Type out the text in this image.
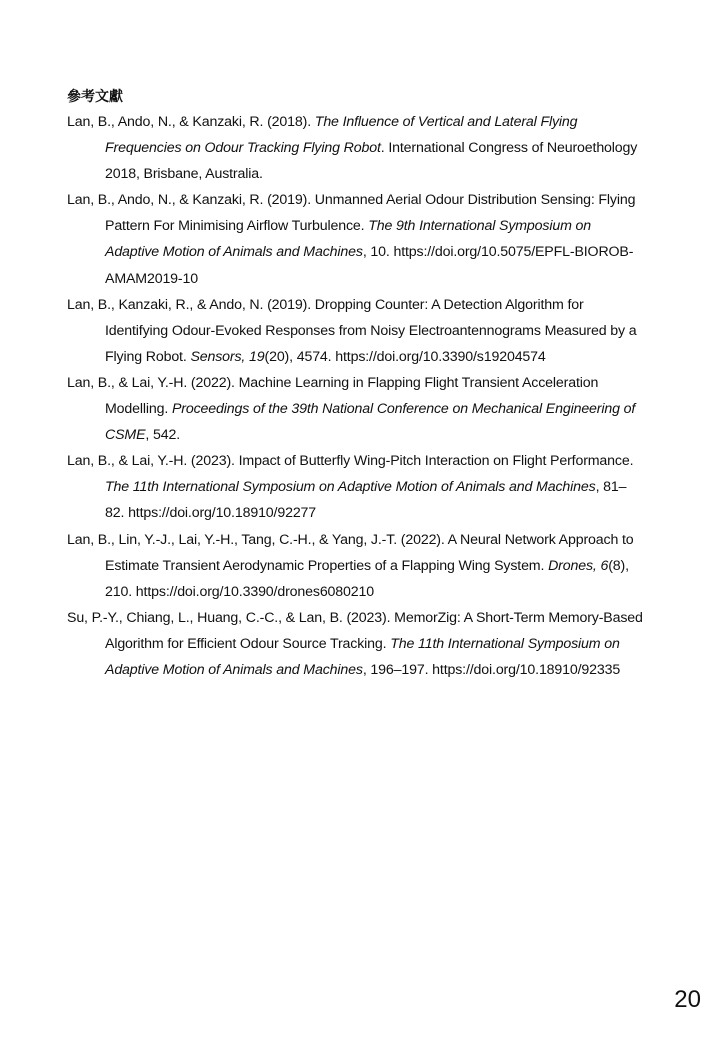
參考文獻
Lan, B., Ando, N., & Kanzaki, R. (2018). The Influence of Vertical and Lateral Flying Frequencies on Odour Tracking Flying Robot. International Congress of Neuroethology 2018, Brisbane, Australia.
Lan, B., Ando, N., & Kanzaki, R. (2019). Unmanned Aerial Odour Distribution Sensing: Flying Pattern For Minimising Airflow Turbulence. The 9th International Symposium on Adaptive Motion of Animals and Machines, 10. https://doi.org/10.5075/EPFL-BIOROB-AMAM2019-10
Lan, B., Kanzaki, R., & Ando, N. (2019). Dropping Counter: A Detection Algorithm for Identifying Odour-Evoked Responses from Noisy Electroantennograms Measured by a Flying Robot. Sensors, 19(20), 4574. https://doi.org/10.3390/s19204574
Lan, B., & Lai, Y.-H. (2022). Machine Learning in Flapping Flight Transient Acceleration Modelling. Proceedings of the 39th National Conference on Mechanical Engineering of CSME, 542.
Lan, B., & Lai, Y.-H. (2023). Impact of Butterfly Wing-Pitch Interaction on Flight Performance. The 11th International Symposium on Adaptive Motion of Animals and Machines, 81–82. https://doi.org/10.18910/92277
Lan, B., Lin, Y.-J., Lai, Y.-H., Tang, C.-H., & Yang, J.-T. (2022). A Neural Network Approach to Estimate Transient Aerodynamic Properties of a Flapping Wing System. Drones, 6(8), 210. https://doi.org/10.3390/drones6080210
Su, P.-Y., Chiang, L., Huang, C.-C., & Lan, B. (2023). MemorZig: A Short-Term Memory-Based Algorithm for Efficient Odour Source Tracking. The 11th International Symposium on Adaptive Motion of Animals and Machines, 196–197. https://doi.org/10.18910/92335
20
